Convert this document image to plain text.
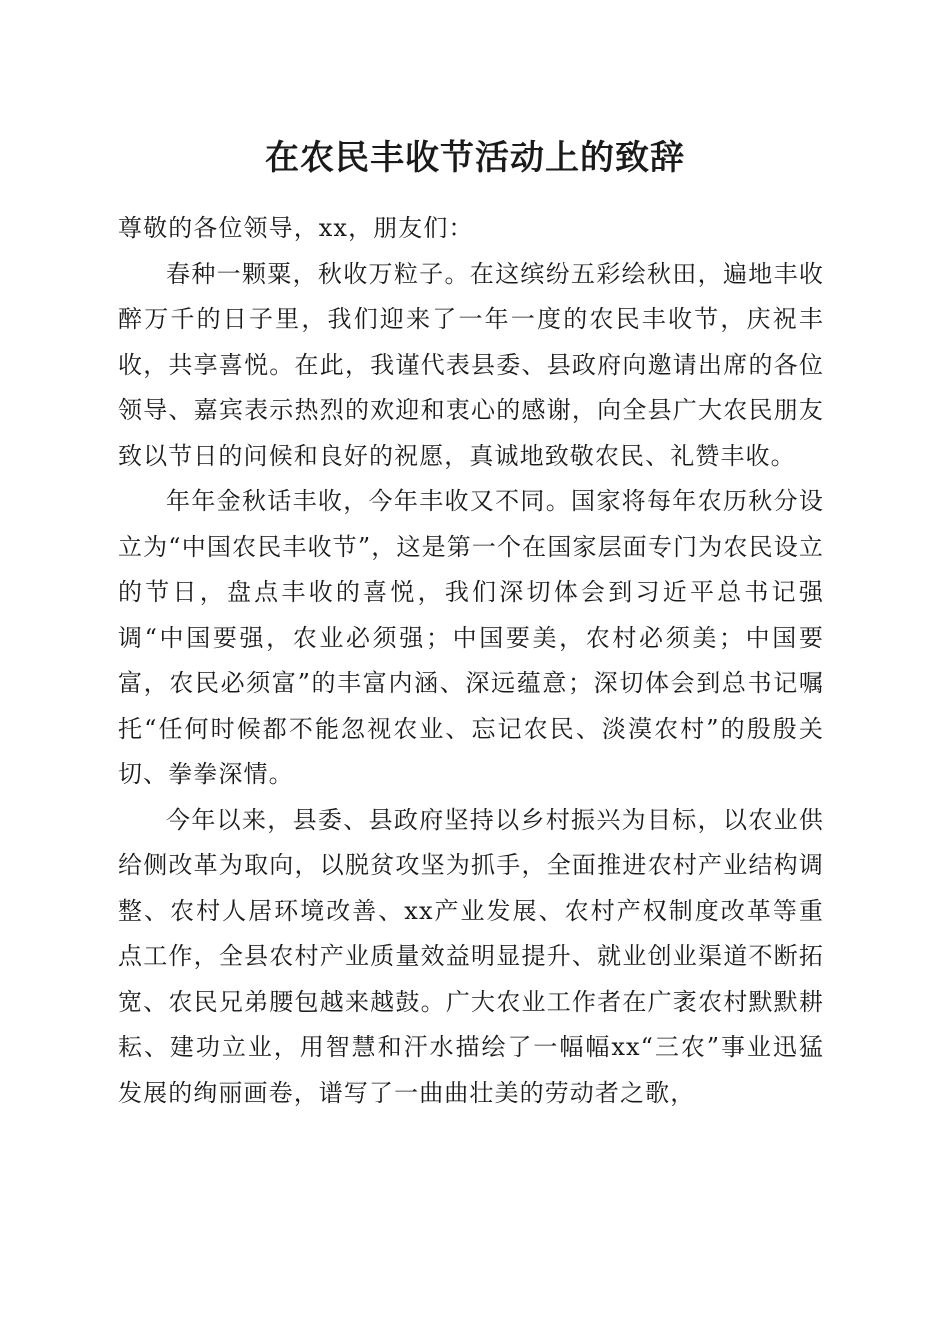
在农民丰收节活动上的致辞

尊敬的各位领导，xx，朋友们：

春种一颗粟，秋收万粒子。在这缤纷五彩绘秋田，遍地丰收醉万千的日子里，我们迎来了一年一度的农民丰收节，庆祝丰收，共享喜悦。在此，我谨代表县委、县政府向邀请出席的各位领导、嘉宾表示热烈的欢迎和衷心的感谢，向全县广大农民朋友致以节日的问候和良好的祝愿，真诚地致敬农民、礼赞丰收。

年年金秋话丰收，今年丰收又不同。国家将每年农历秋分设立为“中国农民丰收节”，这是第一个在国家层面专门为农民设立的节日，盘点丰收的喜悦，我们深切体会到习近平总书记强调“中国要强，农业必须强；中国要美，农村必须美；中国要富，农民必须富”的丰富内涵、深远蕴意；深切体会到总书记嘱托“任何时候都不能忽视农业、忘记农民、淡漠农村”的殷殷关切、拳拳深情。

今年以来，县委、县政府坚持以乡村振兴为目标，以农业供给侧改革为取向，以脱贫攻坚为抓手，全面推进农村产业结构调整、农村人居环境改善、xx产业发展、农村产权制度改革等重点工作，全县农村产业质量效益明显提升、就业创业渠道不断拓宽、农民兄弟腰包越来越鼓。广大农业工作者在广袤农村默默耕耘、建功立业，用智慧和汗水描绘了一幅幅xx“三农”事业迅猛发展的绚丽画卷，谱写了一曲曲壮美的劳动者之歌，
